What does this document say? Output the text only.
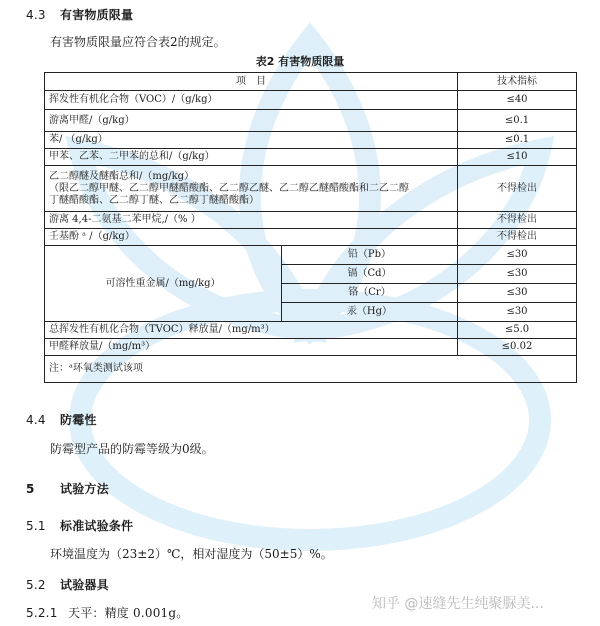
4.3 有害物质限量
有害物质限量应符合表2的规定。
表2 有害物质限量
项　目		技术指标
挥发性有机化合物（VOC）/（g/kg）		≤40
游离甲醛/（g/kg）		≤0.1
苯/ （g/kg）		≤0.1
甲苯、乙苯、二甲苯的总和/（g/kg）		≤10

乙二醇醚及醚酯总和/（mg/kg）
（限乙二醇甲醚、乙二醇甲醚醋酸酯、乙二醇乙醚、乙二醇乙醚醋酸酯和二乙二醇
丁醚醋酸酯、乙二醇丁醚、乙二醇丁醚醋酸酯）		不得检出
游离 4,4-二氨基二苯甲烷,/（% ）		不得检出
壬基酚 ᵃ /（g/kg）		不得检出
可溶性重金属/（mg/kg）	铅（Pb）	≤30
	镉（Cd）	≤30
	铬（Cr）	≤30
	汞（Hg）	≤30
总挥发性有机化合物（TVOC）释放量/（mg/m³）		≤5.0
甲醛释放量/（mg/m³）		≤0.02
注：ᵃ环氧类测试该项		
4.4 防霉性
防霉型产品的防霉等级为0级。
5 试验方法
5.1 标准试验条件
环境温度为（23±2）℃，相对湿度为（50±5）%。
5.2 试验器具
5.2.1 天平：精度 0.001g。
知乎 @速缝先生纯聚脲美...
